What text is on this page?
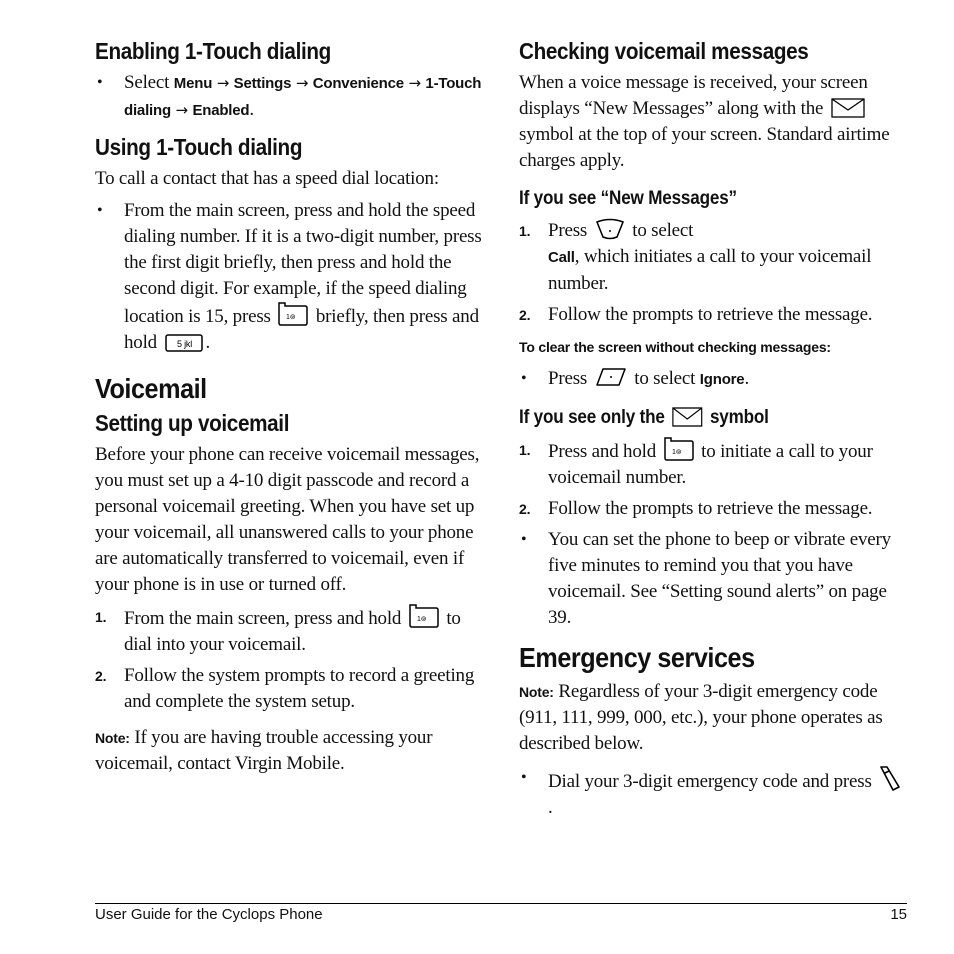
Enabling 1-Touch dialing
• Select Menu → Settings → Convenience → 1-Touch dialing → Enabled.
Using 1-Touch dialing

To call a contact that has a speed dial location:

• From the main screen, press and hold the speed dialing number. If it is a two-digit number, press the first digit briefly, then press and hold the second digit. For example, if the speed dialing location is 15, press 1⊚ briefly, then press and hold 5 jkl .
Voicemail
Setting up voicemail

Before your phone can receive voicemail messages, you must set up a 4-10 digit passcode and record a personal voicemail greeting. When you have set up your voicemail, all unanswered calls to your phone are automatically transferred to voicemail, even if your phone is in use or turned off.

1. From the main screen, press and hold 1⊚ to dial into your voicemail.
2. Follow the system prompts to record a greeting and complete the system setup.

Note: If you are having trouble accessing your voicemail, contact Virgin Mobile.

Checking voicemail messages

When a voice message is received, your screen displays “New Messages” along with the  symbol at the top of your screen. Standard airtime charges apply.

If you see “New Messages”
1. Press to select
Call, which initiates a call to your voicemail number.
2. Follow the prompts to retrieve the message.
To clear the screen without checking messages:
• Press to select Ignore.
If you see only the symbol
1. Press and hold 1⊚ to initiate a call to your voicemail number.
2. Follow the prompts to retrieve the message.
• You can set the phone to beep or vibrate every five minutes to remind you that you have voicemail. See “Setting sound alerts” on page 39.
Emergency services

Note: Regardless of your 3-digit emergency code (911, 111, 999, 000, etc.), your phone operates as described below.

• Dial your 3-digit emergency code and press .
User Guide for the Cyclops Phone	15
